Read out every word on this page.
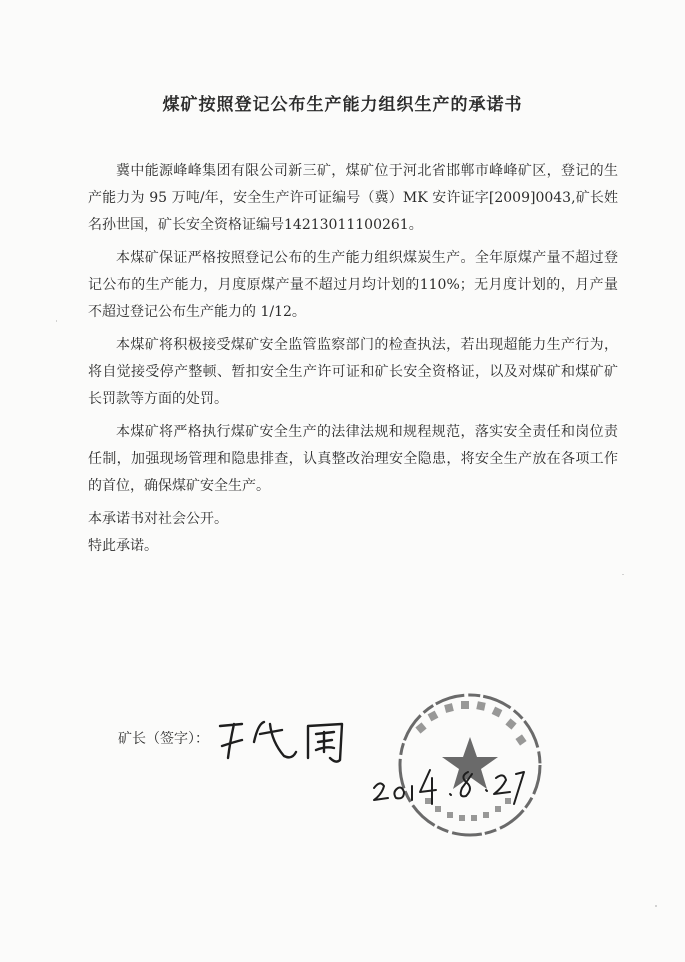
煤矿按照登记公布生产能力组织生产的承诺书

冀中能源峰峰集团有限公司新三矿，煤矿位于河北省邯郸市峰峰矿区，登记的生产能力为 95 万吨/年，安全生产许可证编号（冀）MK 安许证字[2009]0043,矿长姓名孙世国，矿长安全资格证编号14213011100261。

本煤矿保证严格按照登记公布的生产能力组织煤炭生产。全年原煤产量不超过登记公布的生产能力，月度原煤产量不超过月均计划的110%；无月度计划的，月产量不超过登记公布生产能力的 1/12。

本煤矿将积极接受煤矿安全监管监察部门的检查执法，若出现超能力生产行为，将自觉接受停产整顿、暂扣安全生产许可证和矿长安全资格证，以及对煤矿和煤矿矿长罚款等方面的处罚。

本煤矿将严格执行煤矿安全生产的法律法规和规程规范，落实安全责任和岗位责任制，加强现场管理和隐患排查，认真整改治理安全隐患，将安全生产放在各项工作的首位，确保煤矿安全生产。

本承诺书对社会公开。

特此承诺。

矿长（签字）：
